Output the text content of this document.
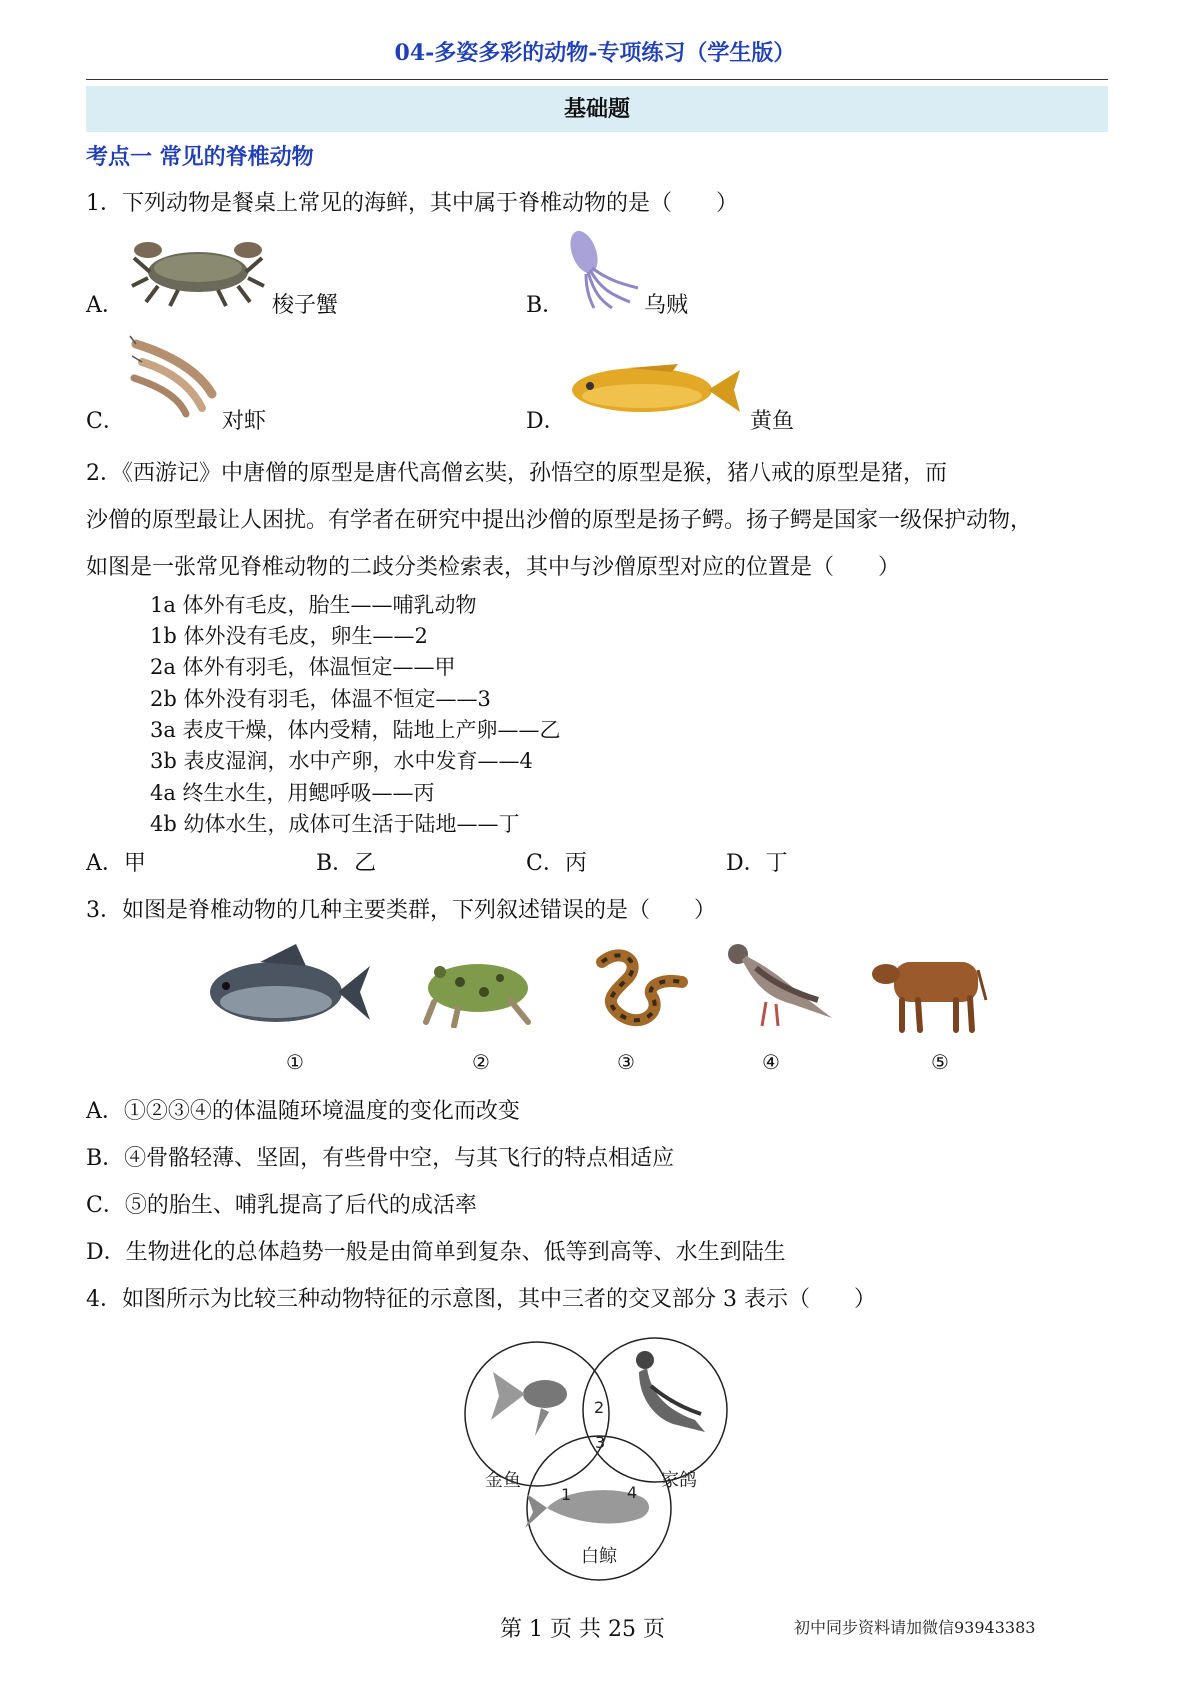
04-多姿多彩的动物-专项练习（学生版）
基础题
考点一 常见的脊椎动物
1．下列动物是餐桌上常见的海鲜，其中属于脊椎动物的是（　　）
A．	梭子蟹	B．	乌贼
C．	对虾	D．	黄鱼
2．《西游记》中唐僧的原型是唐代高僧玄奘，孙悟空的原型是猴，猪八戒的原型是猪，而
沙僧的原型最让人困扰。有学者在研究中提出沙僧的原型是扬子鳄。扬子鳄是国家一级保护动物，
如图是一张常见脊椎动物的二歧分类检索表，其中与沙僧原型对应的位置是（　　）
1a 体外有毛皮，胎生——哺乳动物
1b 体外没有毛皮，卵生——2
2a 体外有羽毛，体温恒定——甲
2b 体外没有羽毛，体温不恒定——3
3a 表皮干燥，体内受精，陆地上产卵——乙
3b 表皮湿润，水中产卵，水中发育——4
4a 终生水生，用鳃呼吸——丙
4b 幼体水生，成体可生活于陆地——丁
A．甲	B．乙	C．丙	D．丁
3．如图是脊椎动物的几种主要类群，下列叙述错误的是（　　）
①	②	③	④	⑤
A．①②③④的体温随环境温度的变化而改变
B．④骨骼轻薄、坚固，有些骨中空，与其飞行的特点相适应
C．⑤的胎生、哺乳提高了后代的成活率
D．生物进化的总体趋势一般是由简单到复杂、低等到高等、水生到陆生
4．如图所示为比较三种动物特征的示意图，其中三者的交叉部分 3 表示（　　）
金鱼	家鸽
白鲸
1
2
3
4
第 1 页 共 25 页	初中同步资料请加微信93943383
